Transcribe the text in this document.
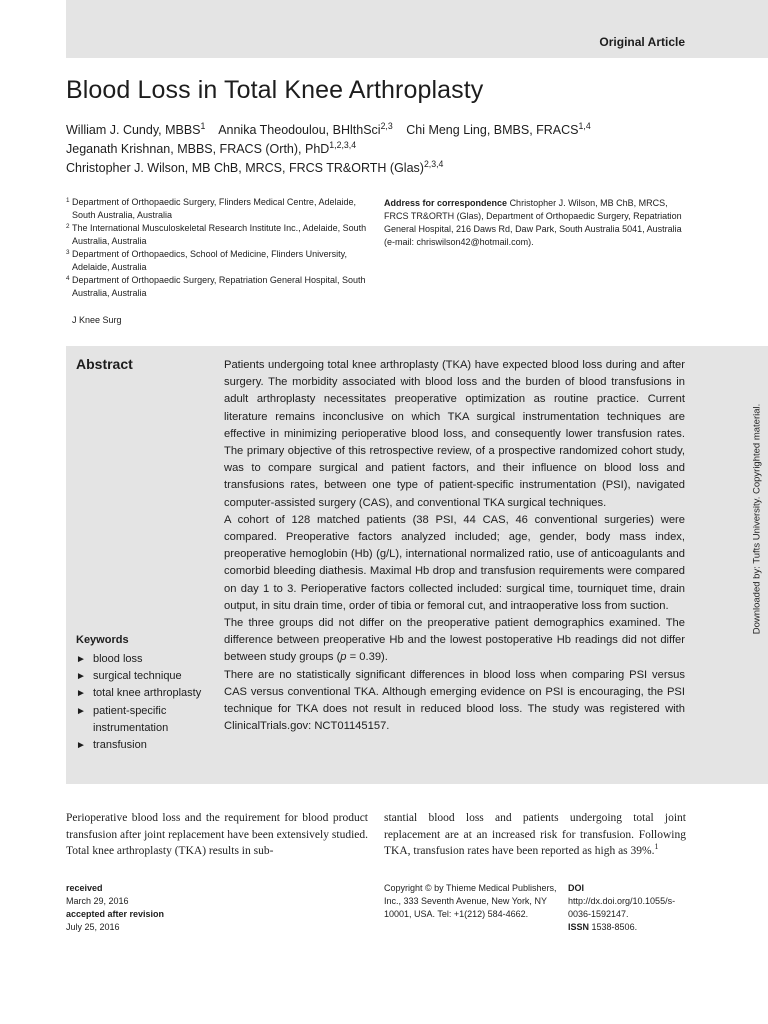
Original Article
Blood Loss in Total Knee Arthroplasty
William J. Cundy, MBBS$^1$ Annika Theodoulou, BHlthSci$^{2,3}$ Chi Meng Ling, BMBS, FRACS$^{1,4}$
Jeganath Krishnan, MBBS, FRACS (Orth), PhD$^{1,2,3,4}$
Christopher J. Wilson, MB ChB, MRCS, FRCS TR&ORTH (Glas)$^{2,3,4}$
1 Department of Orthopaedic Surgery, Flinders Medical Centre, Adelaide, South Australia, Australia
2 The International Musculoskeletal Research Institute Inc., Adelaide, South Australia, Australia
3 Department of Orthopaedics, School of Medicine, Flinders University, Adelaide, Australia
4 Department of Orthopaedic Surgery, Repatriation General Hospital, South Australia, Australia
Address for correspondence Christopher J. Wilson, MB ChB, MRCS, FRCS TR&ORTH (Glas), Department of Orthopaedic Surgery, Repatriation General Hospital, 216 Daws Rd, Daw Park, South Australia 5041, Australia (e-mail: chriswilson42@hotmail.com).
J Knee Surg
Abstract	Patients undergoing total knee arthroplasty (TKA) have expected blood loss during and after surgery. The morbidity associated with blood loss and the burden of blood transfusions in adult arthroplasty necessitates preoperative optimization as routine practice. Current literature remains inconclusive on which TKA surgical instrumentation techniques are effective in minimizing perioperative blood loss, and consequently lower transfusion rates. The primary objective of this retrospective review, of a prospective randomized cohort study, was to compare surgical and patient factors, and their influence on blood loss and transfusions rates, between one type of patient-specific instrumentation (PSI), navigated computer-assisted surgery (CAS), and conventional TKA surgical techniques.

A cohort of 128 matched patients (38 PSI, 44 CAS, 46 conventional surgeries) were compared. Preoperative factors analyzed included; age, gender, body mass index, preoperative hemoglobin (Hb) (g/L), international normalized ratio, use of anticoagulants and comorbid bleeding diathesis. Maximal Hb drop and transfusion requirements were compared on day 1 to 3. Perioperative factors collected included: surgical time, tourniquet time, drain output, in situ drain time, order of tibia or femoral cut, and intraoperative loss from suction.

The three groups did not differ on the preoperative patient demographics examined. The difference between preoperative Hb and the lowest postoperative Hb readings did not differ between study groups (p = 0.39).

There are no statistically significant differences in blood loss when comparing PSI versus CAS versus conventional TKA. Although emerging evidence on PSI is encouraging, the PSI technique for TKA does not result in reduced blood loss. The study was registered with ClinicalTrials.gov: NCT01145157.

Keywords
► blood loss
► surgical technique
► total knee arthroplasty
► patient-specific instrumentation
► transfusion
Perioperative blood loss and the requirement for blood product transfusion after joint replacement have been extensively studied. Total knee arthroplasty (TKA) results in sub-
stantial blood loss and patients undergoing total joint replacement are at an increased risk for transfusion. Following TKA, transfusion rates have been reported as high as 39%.$^1$
received
March 29, 2016
accepted after revision
July 25, 2016
Copyright © by Thieme Medical Publishers, Inc., 333 Seventh Avenue, New York, NY 10001, USA. Tel: +1(212) 584-4662.
DOI http://dx.doi.org/10.1055/s-0036-1592147.
ISSN 1538-8506.
Downloaded by: Tufts University. Copyrighted material.
